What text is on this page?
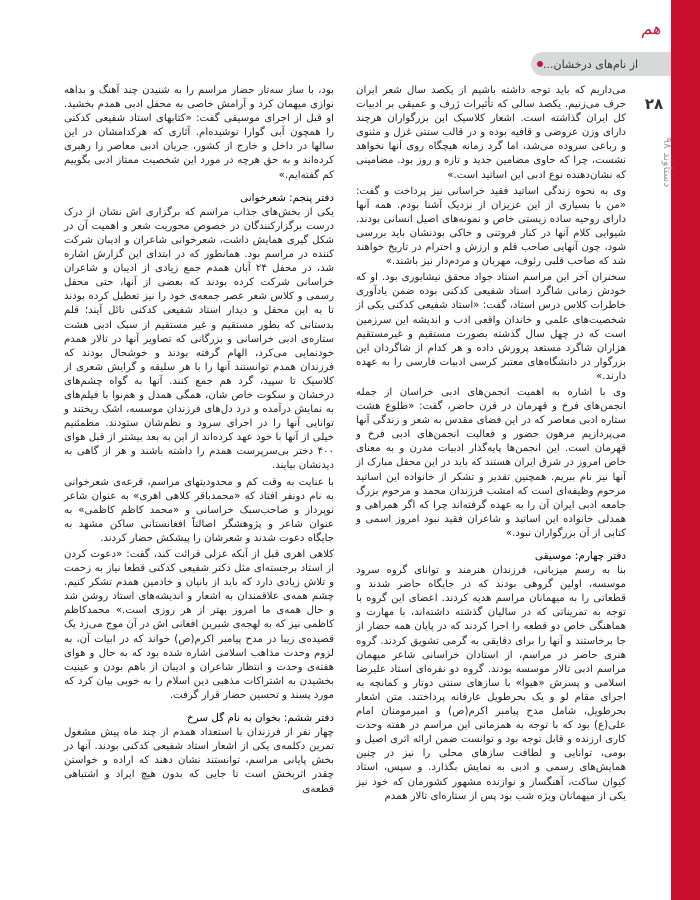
هم
از نام‌های درخشان...
۲۸
دستاوند ۹۸

می‌داریم که باید توجه داشته باشیم از یکصد سال شعر ایران حرف می‌زنیم. یکصد سالی که تأثیرات ژرف و عمیقی بر ادبیات کل ایران گذاشته است. اشعار کلاسیک این بزرگواران هرچند دارای وزن عروضی و قافیه بوده و در قالب سنتی غزل و مثنوی و رباعی سروده می‌شد، اما گرد زمانه هیچگاه روی آنها نخواهد نشست، چرا که حاوی مضامین جدید و تازه و روز بود. مضامینی که نشان‌دهنده نوع ادبی این اساتید است.»

وی به نحوه زندگی اساتید فقید خراسانی نیز پرداخت و گفت: «من با بسیاری از این عزیزان از نزدیک آشنا بودم. همه آنها دارای روحیه ساده زیستی خاص و نمونه‌های اصیل انسانی بودند. شیوایی کلام آنها در کنار فروتنی و خاکی بودنشان باید بررسی شود، چون آنهایی صاحب قلم و ارزش و احترام در تاریخ خواهند شد که صاحب قلبی رئوف، مهربان و مردم‌دار نیز باشند.»

سخنران آخر این مراسم استاد جواد محقق نیشابوری بود. او که خودش زمانی شاگرد استاد شفیعی کدکنی بوده ضمن یادآوری خاطرات کلاس درس استاد، گفت: «استاد شفیعی کدکنی یکی از شخصیت‌های علمی و خاندان واقعی ادب و اندیشه این سرزمین است که در چهل سال گذشته بصورت مستقیم و غیرمستقیم هزاران شاگرد مستعد پرورش داده و هر کدام از شاگردان این بزرگوار در دانشگاه‌های معتبر کرسی ادبیات فارسی را به عهده دارند.»

وی با اشاره به اهمیت انجمن‌های ادبی خراسان از جمله انجمن‌های فرخ و قهرمان در قرن حاضر، گفت: «طلوع هشت ستاره ادبی معاصر که در این فضای مقدس به شعر و زندگی آنها می‌پردازیم مرهون حضور و فعالیت انجمن‌های ادبی فرخ و قهرمان است. این انجمن‌ها پایه‌گذار ادبیات مدرن و به معنای خاص امروز در شرق ایران هستند که باید در این محفل مبارک از آنها نیز نام ببریم. همچنین تقدیر و تشکر از خانواده این اساتید مرحوم وظیفه‌ای است که امشب فرزندان محمد و مرحوم بزرگ جامعه ادبی ایران آن را به عهده گرفته‌اند چرا که اگر همراهی و همدلی خانواده این اساتید و شاعران فقید نبود امروز اسمی و کتابی از آن بزرگواران نبود.»

دفتر چهارم: موسیقی

بنا به رسم میزبانی، فرزندان هنرمند و توانای گروه سرود موسسه، اولین گروهی بودند که در جایگاه حاضر شدند و قطعاتی را به میهمانان مراسم هدیه کردند. اعضای این گروه با توجه به تمریناتی که در سالیان گذشته داشته‌اند، با مهارت و هماهنگی خاص دو قطعه را اجرا کردند که در پایان همه حضار از جا برخاستند و آنها را برای دقایقی به گرمی تشویق کردند. گروه هنری حاضر در مراسم، از استادان خراسانی شاعر میهمان مراسم ادبی تالار موسسه بودند. گروه دو نفره‌ای استاد علیرضا اسلامی و پسرش «هیوا» با سازهای سنتی دوتار و کمانچه به اجرای مقام لو و یک بحرطویل عارفانه پرداختند. متن اشعار بحرطویل، شامل مدح پیامبر اکرم(ص) و امیرمومنان امام علی(ع) بود که با توجه به همزمانی این مراسم در هفته وحدت کاری ارزنده و قابل توجه بود و توانست ضمن ارائه اثری اصیل و بومی، توانایی و لطافت سازهای محلی را نیز در چنین همایش‌های رسمی و ادبی به نمایش بگذارد. و سپس، استاد کیوان ساکت، آهنگساز و نوازنده مشهور کشورمان که خود نیز یکی از میهمانان ویژه شب بود پس از ستاره‌ای تالار همدم

بود، با ساز سه‌تار حضار مراسم را به شنیدن چند آهنگ و بداهه نوازی میهمان کرد و آرامش خاصی به محفل ادبی همدم بخشید. او قبل از اجرای موسیقی گفت: «کتابهای استاد شفیعی کدکنی را همچون آبی گوارا نوشیده‌ام. آثاری که هرکدامشان در این سالها در داخل و خارج از کشور، جریان ادبی معاصر را رهبری کرده‌اند و به حق هرچه در مورد این شخصیت ممتاز ادبی بگوییم کم گفته‌ایم.»

دفتر پنجم: شعرخوانی

یکی از بخش‌های جذاب مراسم که برگزاری اش نشان از درک درست برگزارکنندگان در خصوص محوریت شعر و اهمیت آن در شکل گیری همایش داشت، شعرخوانی شاعران و ادیبان شرکت کننده در مراسم بود. همانطور که در ابتدای این گزارش اشاره شد، در محفل ۲۴ آبان همدم جمع زیادی از ادیبان و شاعران خراسانی شرکت کرده بودند که بعضی از آنها، حتی محفل رسمی و کلاس شعر عصر جمعه‌ی خود را نیز تعطیل کرده بودند تا به این محفل و دیدار استاد شفیعی کدکنی نائل آیند؛ قلم بدستانی که بطور مستقیم و غیر مستقیم از سبک ادبی هشت ستاره‌ی ادبی خراسانی و بزرگانی که تصاویر آنها در تالار همدم خودنمایی می‌کرد، الهام گرفته بودند و خوشحال بودند که فرزندان همدم توانستند آنها را با هر سلیقه و گرایش شعری از کلاسیک تا سپید، گرد هم جمع کنند. آنها به گواه چشم‌های درخشان و سکوت خاص شان، همگی همدل و هم‌نوا با فیلم‌های به نمایش درآمده و درد دل‌های فرزندان موسسه، اشک ریختند و توانایی آنها را در اجرای سرود و نظم‌شان ستودند. مطمئنیم خیلی از آنها با خود عهد کرده‌اند از این به بعد بیشتر از قبل هوای ۴۰۰ دختر بی‌سرپرست همدم را داشته باشند و هر از گاهی به دیدنشان بیایند.

با عنایت به وقت کم و محدودیتهای مراسم، قرعه‌ی شعرخوانی به نام دونفر افتاد که «محمدباقر کلاهی اهری» به عنوان شاعر نوپرداز و صاحب‌سبک خراسانی و «محمد کاظم کاظمی» به عنوان شاعر و پژوهشگر اصالتاً افغانستانی ساکن مشهد به جایگاه دعوت شدند و شعرشان را پیشکش حضار کردند.

کلاهی اهری قبل از آنکه غزلی قرائت کند، گفت: «دعوت کردن از استاد برجسته‌ای مثل دکتر شفیعی کدکنی قطعا نیاز به زحمت و تلاش زیادی دارد که باید از بانیان و خادمین همدم تشکر کنیم. چشم همه‌ی علاقمندان به اشعار و اندیشه‌های استاد روشن شد و حال همه‌ی ما امروز بهتر از هر روزی است.» محمدکاظم کاظمی نیز که به لهجه‌ی شیرین افغانی اش در آن موج می‌زد یک قصیده‌ی زیبا در مدح پیامبر اکرم(ص) خواند که در ابیات آن، به لزوم وحدت مذاهب اسلامی اشاره شده بود که به حال و هوای هفته‌ی وحدت و انتظار شاعران و ادیبان از باهم بودن و عینیت بخشیدن به اشتراکات مذهبی دین اسلام را به خوبی بیان کرد که مورد پسند و تحسین حضار قرار گرفت.

دفتر ششم: بخوان به نام گل سرخ

چهار نفر از فرزندان با استعداد همدم از چند ماه پیش مشغول تمرین دکلمه‌ی یکی از اشعار استاد شفیعی کدکنی بودند. آنها در بخش پایانی مراسم، توانستند نشان دهند که اراده و خواستن چقدر اثربخش است تا جایی که بدون هیچ ایراد و اشتباهی قطعه‌ی
